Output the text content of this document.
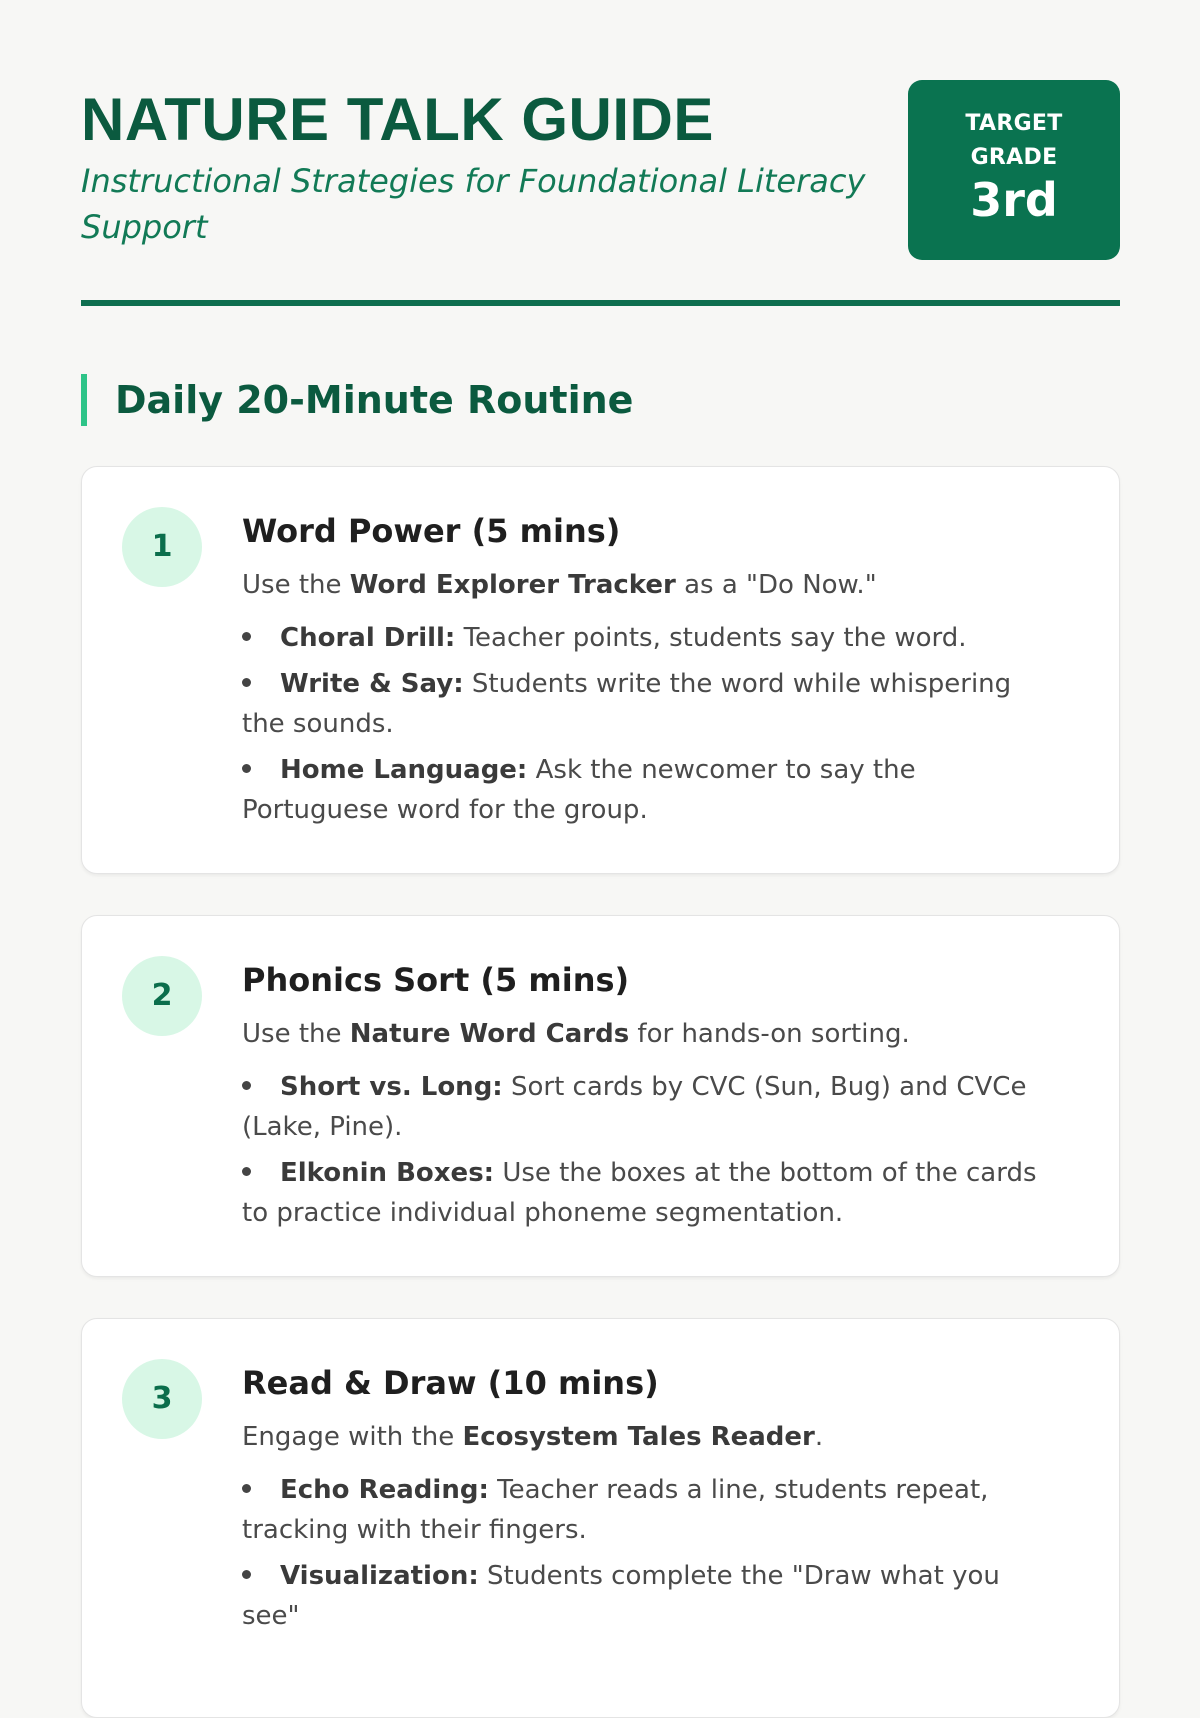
NATURE TALK GUIDE
Instructional Strategies for Foundational Literacy Support
TARGET GRADE
3rd
Daily 20-Minute Routine
1	Word Power (5 mins)
Use the Word Explorer Tracker as a "Do Now."
Choral Drill: Teacher points, students say the word.
Write & Say: Students write the word while whispering the sounds.
Home Language: Ask the newcomer to say the Portuguese word for the group.
2	Phonics Sort (5 mins)
Use the Nature Word Cards for hands-on sorting.
Short vs. Long: Sort cards by CVC (Sun, Bug) and CVCe (Lake, Pine).
Elkonin Boxes: Use the boxes at the bottom of the cards to practice individual phoneme segmentation.
3	Read & Draw (10 mins)
Engage with the Ecosystem Tales Reader.
Echo Reading: Teacher reads a line, students repeat, tracking with their fingers.
Visualization: Students complete the "Draw what you see"
